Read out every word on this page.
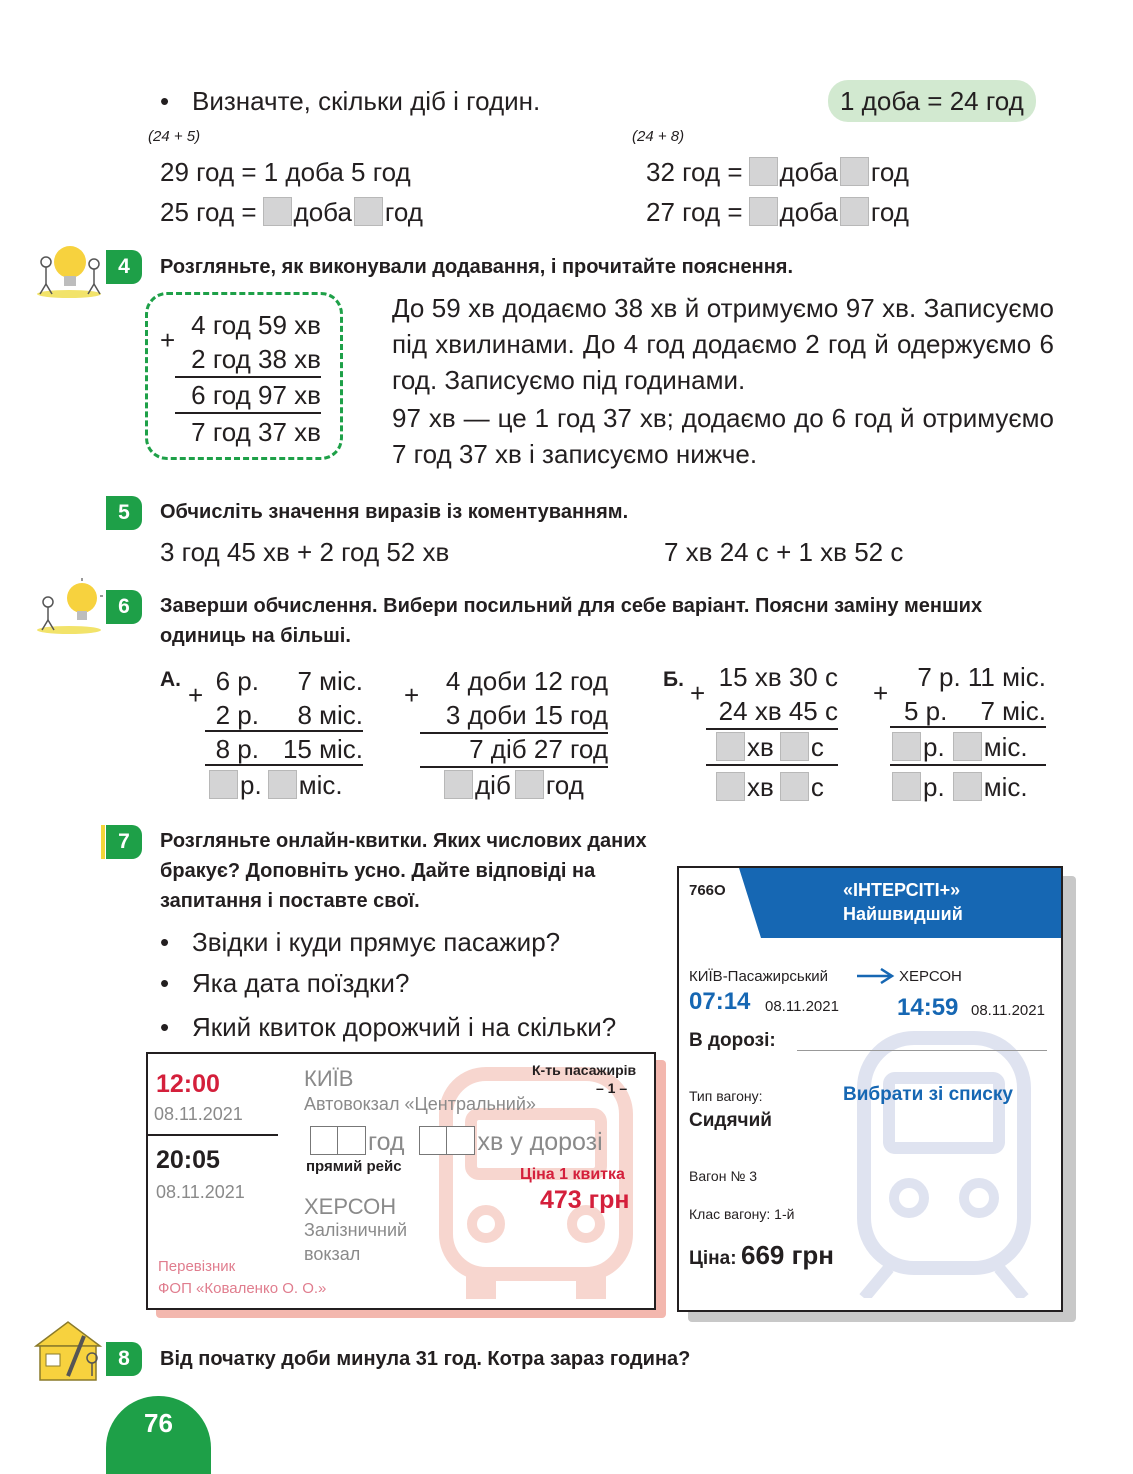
• Визначте, скільки діб і годин.	1 доба = 24 год
(24 + 5)	(24 + 8)
29 год = 1 доба 5 год
25 год = доба год
32 год = доба год
27 год = доба год
4	Розгляньте, як виконували додавання, і прочитайте пояснення.
+ 4 год 59 хв
2 год 38 хв
6 год 97 хв
7 год 37 хв
До 59 хв додаємо 38 хв й отримуємо 97 хв. Записуємо під хвилинами. До 4 год додаємо 2 год й одержуємо 6 год. Записуємо під годинами.
97 хв — це 1 год 37 хв; додаємо до 6 год й отримуємо 7 год 37 хв і записуємо нижче.
5	Обчисліть значення виразів із коментуванням.
3 год 45 хв + 2 год 52 хв	7 хв 24 с + 1 хв 52 с
6	Заверши обчислення. Вибери посильний для себе варіант. Поясни заміну менших одиниць на більші.
А.
+ 6 р. 7 міс.
2 р. 8 міс.
8 р. 15 міс.
р. міс.
+	4 доби 12 год
3 доби 15 год
7 діб 27 год
діб год
Б. +
15 хв 30 с
24 хв 45 с
хв с
хв с
+
7 р. 11 міс.
5 р. 7 міс.
р. міс.
р. міс.
7	Розгляньте онлайн-квитки. Яких числових даних бракує? Доповніть усно. Дайте відповіді на запитання і поставте свої.
• Звідки і куди прямує пасажир?
• Яка дата поїздки?
• Який квиток дорожчий і на скільки?
12:00
08.11.2021
20:05
08.11.2021
КИЇВ
Автовокзал «Центральний»
К-ть пасажирів
– 1 –
год	хв у дорозі
прямий рейс	Ціна 1 квитка
473 грн
ХЕРСОН
Залізничний
вокзал
Перевізник
ФОП «Коваленко О. О.»
766О	«ІНТЕРСІТІ+»
Найшвидший
КИЇВ-Пасажирський	ХЕРСОН
07:14 08.11.2021 14:59 08.11.2021
В дорозі:
Тип вагону:	Вибрати зі списку
Сидячий
Вагон № 3
Клас вагону: 1-й
Ціна: 669 грн
8	Від початку доби минула 31 год. Котра зараз година?
76
